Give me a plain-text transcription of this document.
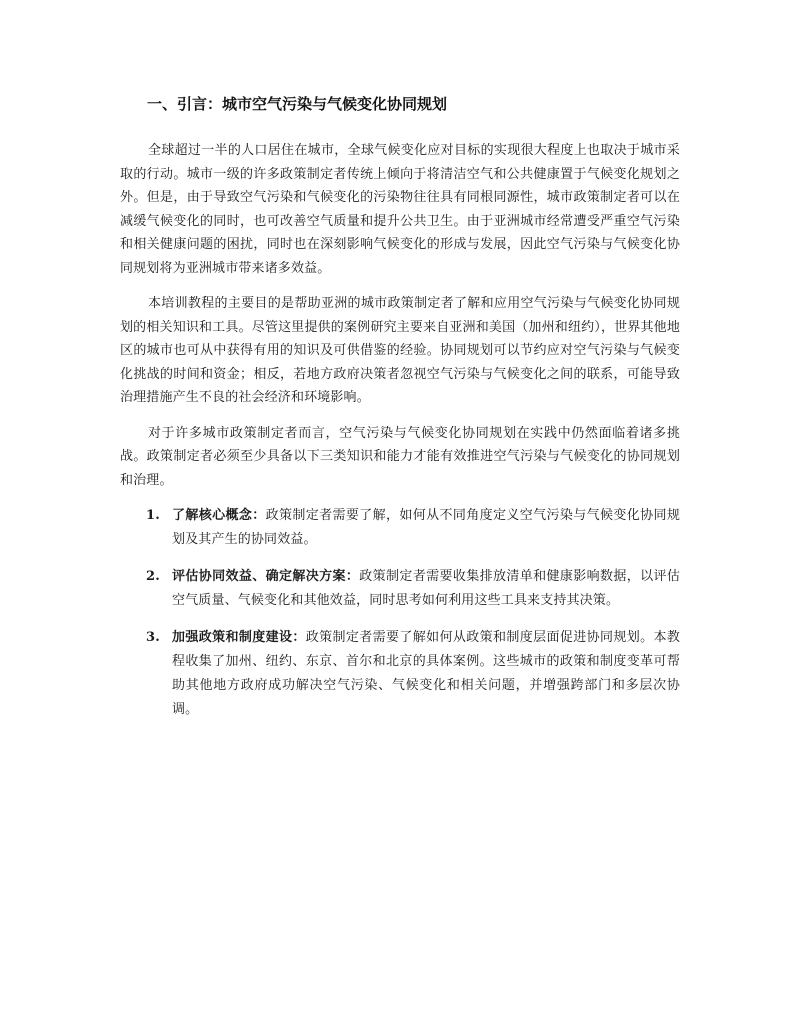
一、引言：城市空气污染与气候变化协同规划

全球超过一半的人口居住在城市，全球气候变化应对目标的实现很大程度上也取决于城市采取的行动。城市一级的许多政策制定者传统上倾向于将清洁空气和公共健康置于气候变化规划之外。但是，由于导致空气污染和气候变化的污染物往往具有同根同源性，城市政策制定者可以在减缓气候变化的同时，也可改善空气质量和提升公共卫生。由于亚洲城市经常遭受严重空气污染和相关健康问题的困扰，同时也在深刻影响气候变化的形成与发展，因此空气污染与气候变化协同规划将为亚洲城市带来诸多效益。

本培训教程的主要目的是帮助亚洲的城市政策制定者了解和应用空气污染与气候变化协同规划的相关知识和工具。尽管这里提供的案例研究主要来自亚洲和美国（加州和纽约），世界其他地区的城市也可从中获得有用的知识及可供借鉴的经验。协同规划可以节约应对空气污染与气候变化挑战的时间和资金；相反，若地方政府决策者忽视空气污染与气候变化之间的联系，可能导致治理措施产生不良的社会经济和环境影响。

对于许多城市政策制定者而言，空气污染与气候变化协同规划在实践中仍然面临着诸多挑战。政策制定者必须至少具备以下三类知识和能力才能有效推进空气污染与气候变化的协同规划和治理。

1. 了解核心概念：政策制定者需要了解，如何从不同角度定义空气污染与气候变化协同规划及其产生的协同效益。
2. 评估协同效益、确定解决方案：政策制定者需要收集排放清单和健康影响数据，以评估空气质量、气候变化和其他效益，同时思考如何利用这些工具来支持其决策。
3. 加强政策和制度建设：政策制定者需要了解如何从政策和制度层面促进协同规划。本教程收集了加州、纽约、东京、首尔和北京的具体案例。这些城市的政策和制度变革可帮助其他地方政府成功解决空气污染、气候变化和相关问题，并增强跨部门和多层次协调。
